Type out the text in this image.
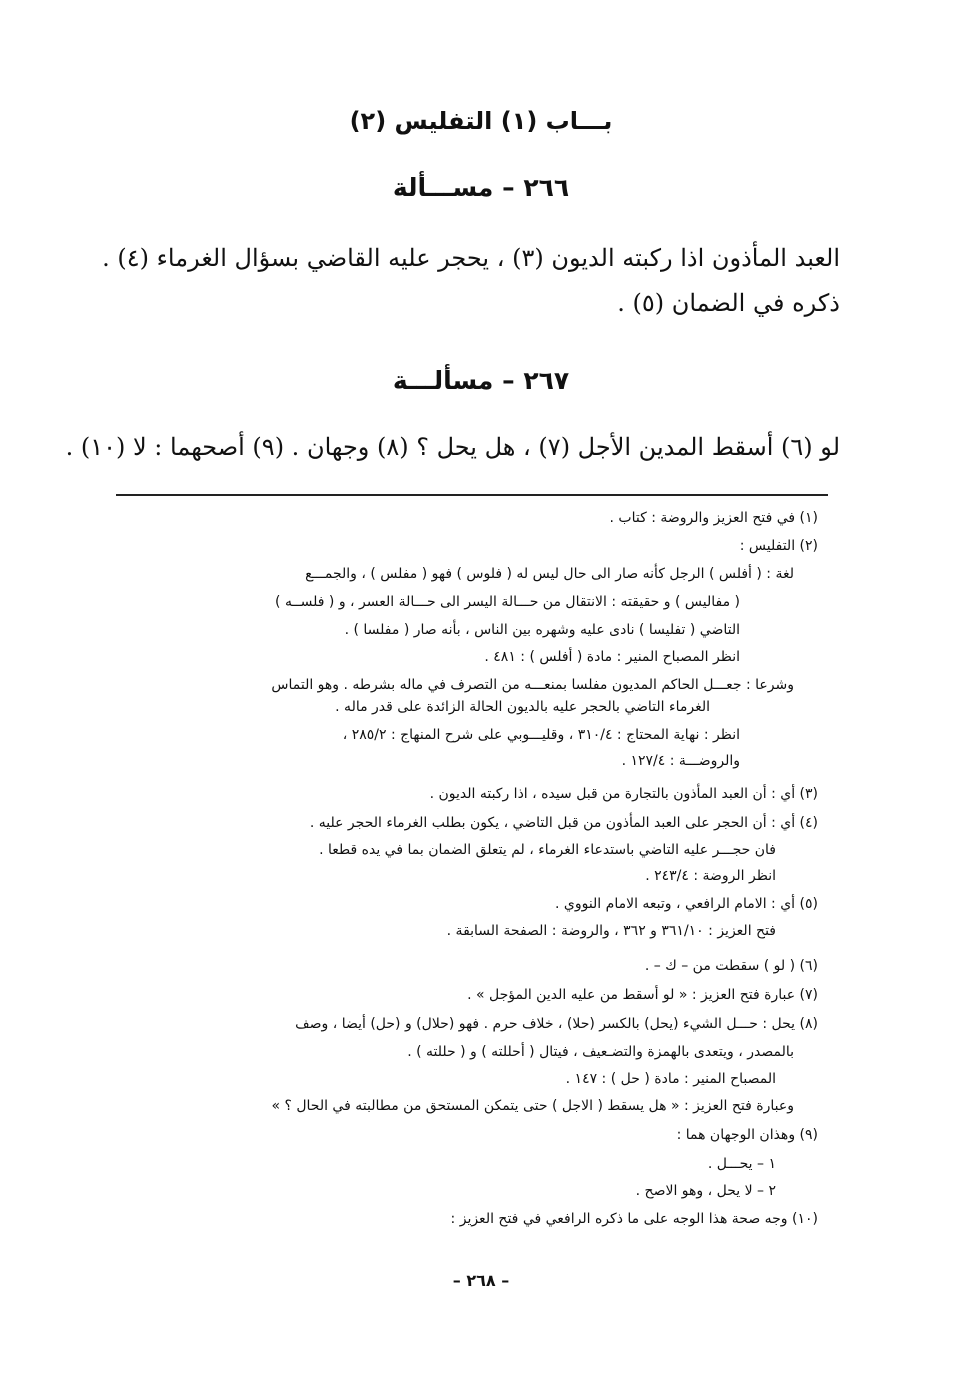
بـــاب (١) التفليس (٢)
٢٦٦ – مســـألة
العبد المأذون اذا ركبته الديون (٣) ، يحجر عليه القاضي بسؤال الغرماء (٤) .
ذكره في الضمان (٥) .
٢٦٧ – مسألـــة
لو (٦) أسقط المدين الأجل (٧) ، هل يحل ؟ (٨) وجهان . (٩) أصحهما : لا (١٠) .
(١) في فتح العزيز والروضة : كتاب .
(٢) التفليس :
لغة : ( أفلس ) الرجل كأنه صار الى حال ليس له ( فلوس ) فهو ( مفلس ) ، والجمـــع
( مفاليس ) و حقيقته : الانتقال من حـــالة اليسر الى حـــالة العسر ، و ( فلســه )
التاضي ( تفليسا ) نادى عليه وشهره بين الناس ، بأنه صار ( مفلسا ) .
انظر المصباح المنير : مادة ( أفلس ) : ٤٨١ .
وشرعا : جعـــل الحاكم المديون مفلسا بمنعـــه من التصرف في ماله بشرطه . وهو التماس
الغرماء التاضي بالحجر عليه بالديون الحالة الزائدة على قدر ماله .
انظر : نهاية المحتاج : ٣١٠/٤ ، وقليـــوبي على شرح المنهاج : ٢٨٥/٢ ،
والروضـــة : ١٢٧/٤ .
(٣) أي : أن العبد المأذون بالتجارة من قبل سيده ، اذا ركبته الديون .
(٤) أي : أن الحجر على العبد المأذون من قبل التاضي ، يكون بطلب الغرماء الحجر عليه .
فان حجـــر عليه التاضي باستدعاء الغرماء ، لم يتعلق الضمان بما في يده قطعا .
انظر الروضة : ٢٤٣/٤ .
(٥) أي : الامام الرافعي ، وتبعه الامام النووي .
فتح العزيز : ٣٦١/١٠ و ٣٦٢ ، والروضة : الصفحة السابقة .
(٦) ( لو ) سقطت من – ك – .
(٧) عبارة فتح العزيز : « لو أسقط من عليه الدين المؤجل » .
(٨) يحل : حـــل الشيء (يحل) بالكسر (حلا) ، خلاف حرم . فهو (حلال) و (حل) أيضا ، وصف
بالمصدر ، ويتعدى بالهمزة والتضـعيف ، فيتال ( أحللته ) و ( حللته ) .
المصباح المنير : مادة ( حل ) : ١٤٧ .
وعبارة فتح العزيز : « هل يسقط ( الاجل ) حتى يتمكن المستحق من مطالبته في الحال ؟ »
(٩) وهذان الوجهان هما :
١ – يحـــل .
٢ – لا يحل ، وهو الاصح .
(١٠) وجه صحة هذا الوجه على ما ذكره الرافعي في فتح العزيز :
– ٢٦٨ –
